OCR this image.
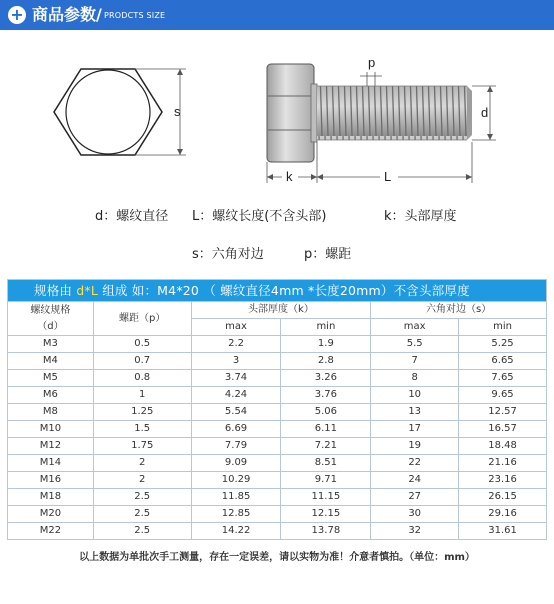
+ 商品参数/ PRODCTS SIZE
s
p
d
k	L
d：螺纹直径 L：螺纹长度(不含头部)	k：头部厚度
s：六角对边	p：螺距
规格由 d*L 组成 如：M4*20 （ 螺纹直径4mm *长度20mm）不含头部厚度					

螺纹规格
（d）	螺距（p）	头部厚度（k）		六角对边（s）	
		max	min	max	min
M3	0.5	2.2	1.9	5.5	5.25
M4	0.7	3	2.8	7	6.65
M5	0.8	3.74	3.26	8	7.65
M6	1	4.24	3.76	10	9.65
M8	1.25	5.54	5.06	13	12.57
M10	1.5	6.69	6.11	17	16.57
M12	1.75	7.79	7.21	19	18.48
M14	2	9.09	8.51	22	21.16
M16	2	10.29	9.71	24	23.16
M18	2.5	11.85	11.15	27	26.15
M20	2.5	12.85	12.15	30	29.16
M22	2.5	14.22	13.78	32	31.61
以上数据为单批次手工测量，存在一定误差，请以实物为准！介意者慎拍。（单位：mm）
